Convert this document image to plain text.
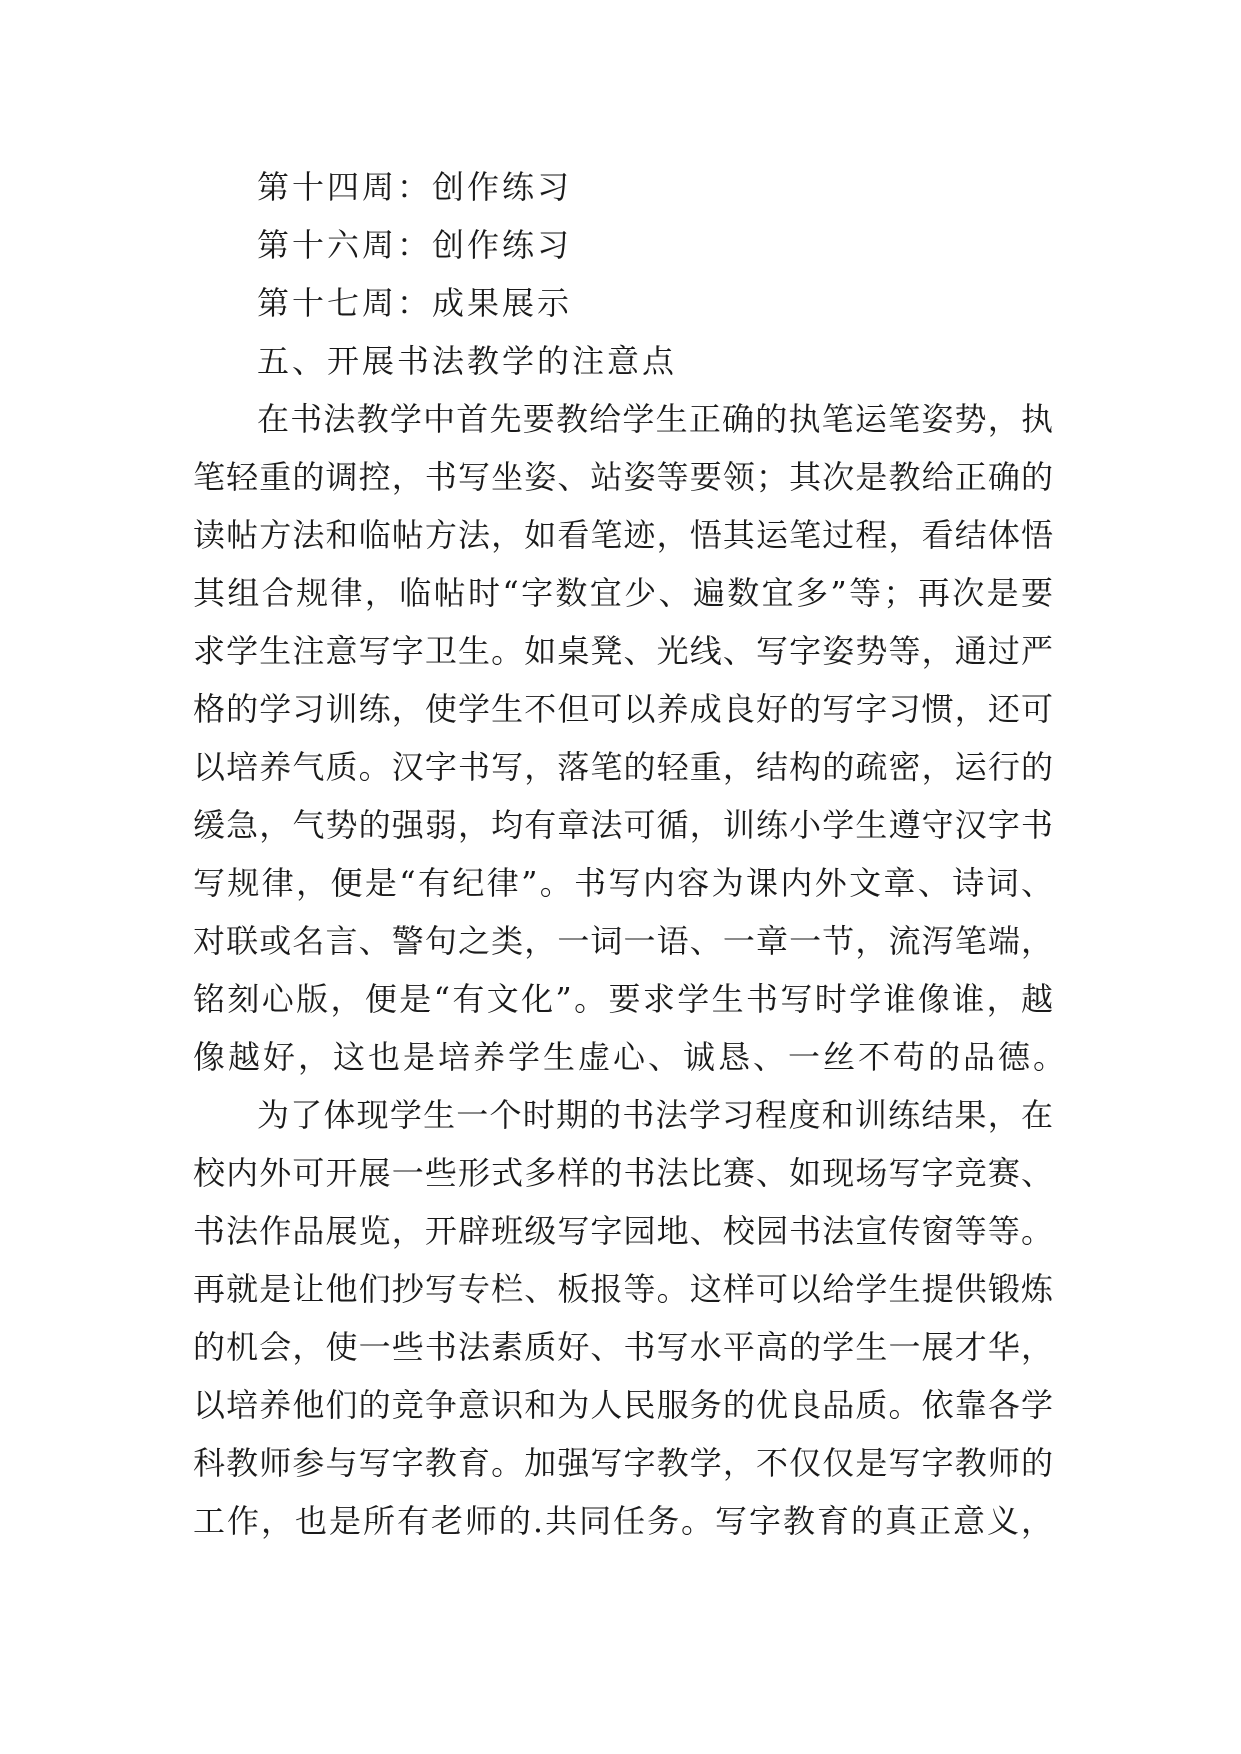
第十四周：创作练习
第十六周：创作练习
第十七周：成果展示
五、开展书法教学的注意点
在书法教学中首先要教给学生正确的执笔运笔姿势，执
笔轻重的调控，书写坐姿、站姿等要领；其次是教给正确的
读帖方法和临帖方法，如看笔迹，悟其运笔过程，看结体悟
其组合规律，临帖时“字数宜少、遍数宜多”等；再次是要
求学生注意写字卫生。如桌凳、光线、写字姿势等，通过严
格的学习训练，使学生不但可以养成良好的写字习惯，还可
以培养气质。汉字书写，落笔的轻重，结构的疏密，运行的
缓急，气势的强弱，均有章法可循，训练小学生遵守汉字书
写规律，便是“有纪律”。书写内容为课内外文章、诗词、
对联或名言、警句之类，一词一语、一章一节，流泻笔端，
铭刻心版，便是“有文化”。要求学生书写时学谁像谁，越
像越好，这也是培养学生虚心、诚恳、一丝不苟的品德。
为了体现学生一个时期的书法学习程度和训练结果，在
校内外可开展一些形式多样的书法比赛、如现场写字竞赛、
书法作品展览，开辟班级写字园地、校园书法宣传窗等等。
再就是让他们抄写专栏、板报等。这样可以给学生提供锻炼
的机会，使一些书法素质好、书写水平高的学生一展才华，
以培养他们的竞争意识和为人民服务的优良品质。依靠各学
科教师参与写字教育。加强写字教学，不仅仅是写字教师的
工作，也是所有老师的.共同任务。写字教育的真正意义，
